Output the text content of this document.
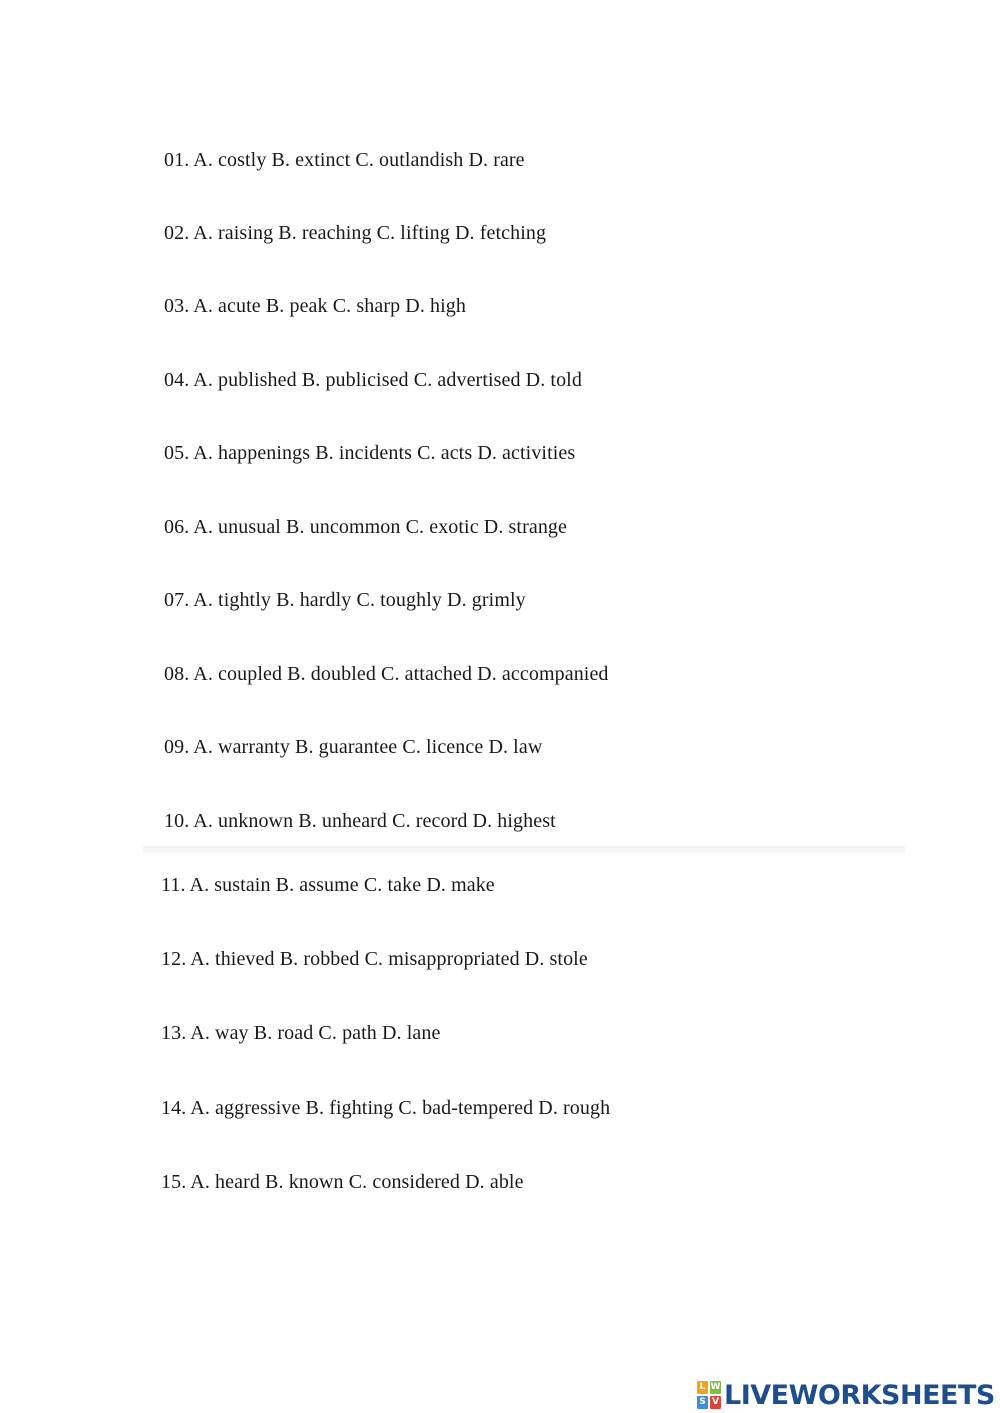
01. A. costly B. extinct C. outlandish D. rare
02. A. raising B. reaching C. lifting D. fetching
03. A. acute B. peak C. sharp D. high
04. A. published B. publicised C. advertised D. told
05. A. happenings B. incidents C. acts D. activities
06. A. unusual B. uncommon C. exotic D. strange
07. A. tightly B. hardly C. toughly D. grimly
08. A. coupled B. doubled C. attached D. accompanied
09. A. warranty B. guarantee C. licence D. law
10. A. unknown B. unheard C. record D. highest
11. A. sustain B. assume C. take D. make
12. A. thieved B. robbed C. misappropriated D. stole
13. A. way B. road C. path D. lane
14. A. aggressive B. fighting C. bad-tempered D. rough
15. A. heard B. known C. considered D. able
L W
S V LIVEWORKSHEETS
